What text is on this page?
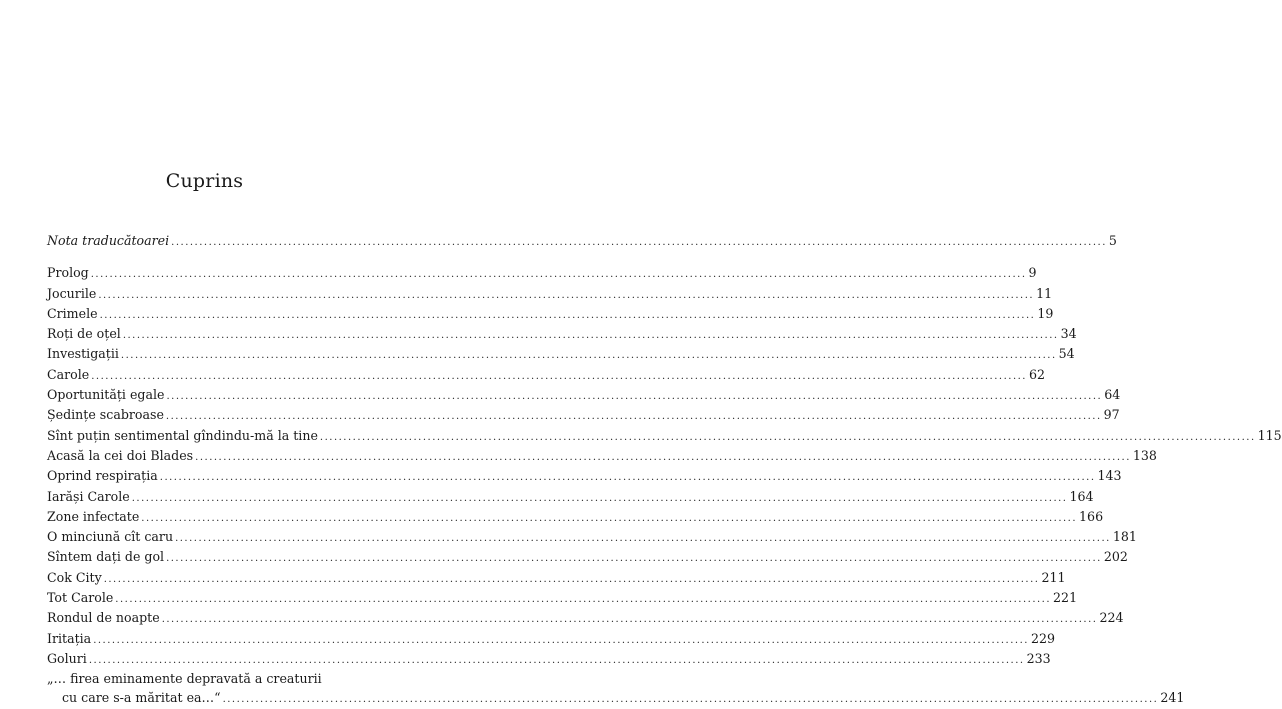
Cuprins
Nota traducătoarei ........................................................................................................................................................................................................ 5
Prolog ........................................................................................................................................................................................................ 9
Jocurile ........................................................................................................................................................................................................ 11
Crimele ........................................................................................................................................................................................................ 19
Roți de oțel ........................................................................................................................................................................................................ 34
Investigații ........................................................................................................................................................................................................ 54
Carole ........................................................................................................................................................................................................ 62
Oportunități egale ........................................................................................................................................................................................................ 64
Ședințe scabroase ........................................................................................................................................................................................................ 97
Sînt puțin sentimental gîndindu-mă la tine ........................................................................................................................................................................................................ 115
Acasă la cei doi Blades ........................................................................................................................................................................................................ 138
Oprind respirația ........................................................................................................................................................................................................ 143
Iarăși Carole ........................................................................................................................................................................................................ 164
Zone infectate ........................................................................................................................................................................................................ 166
O minciună cît caru ........................................................................................................................................................................................................ 181
Sîntem dați de gol ........................................................................................................................................................................................................ 202
Cok City ........................................................................................................................................................................................................ 211
Tot Carole ........................................................................................................................................................................................................ 221
Rondul de noapte ........................................................................................................................................................................................................ 224
Iritația ........................................................................................................................................................................................................ 229
Goluri ........................................................................................................................................................................................................ 233
„… firea eminamente depravată a creaturii
cu care s-a măritat ea…“ ........................................................................................................................................................................................................ 241
